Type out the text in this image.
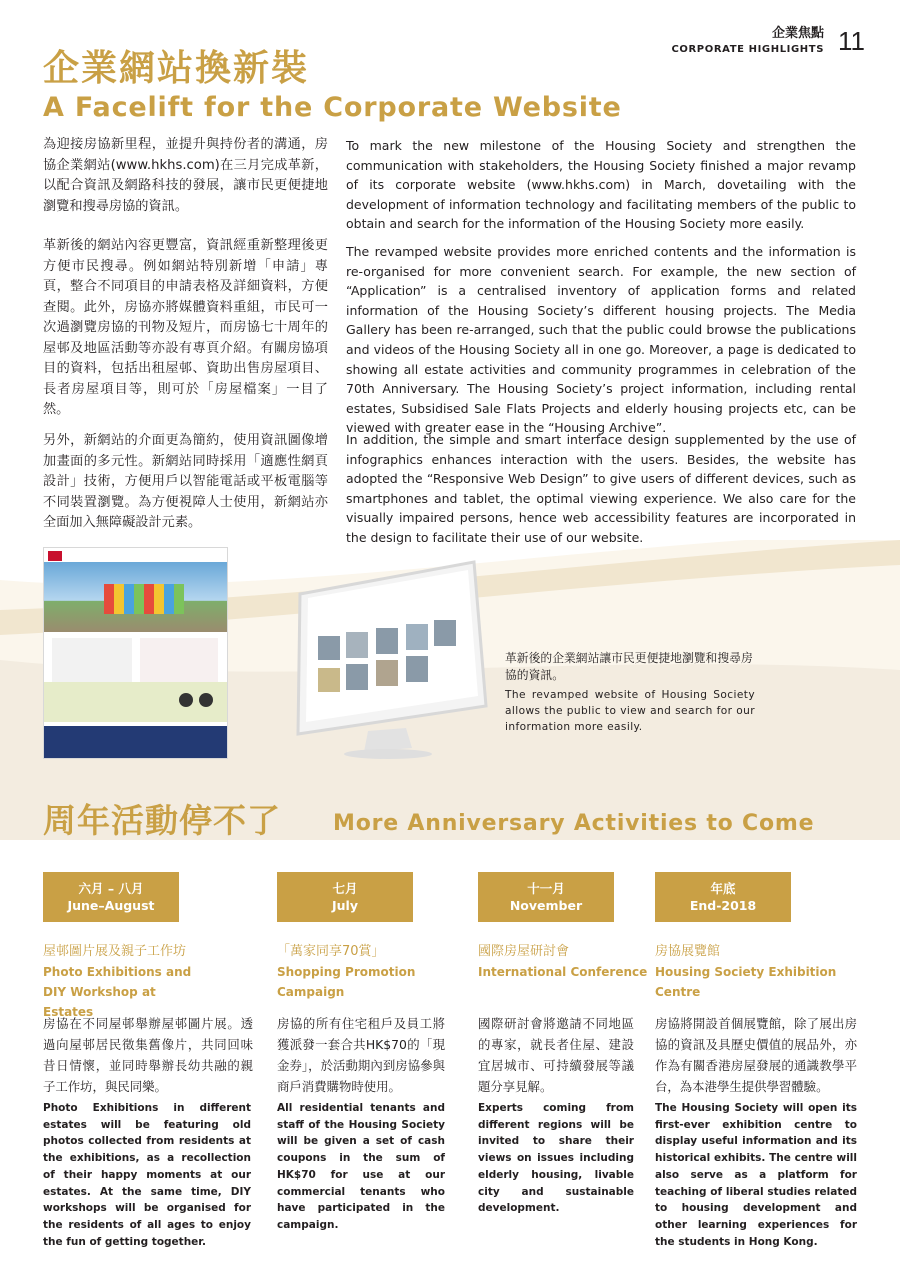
企業焦點
CORPORATE HIGHLIGHTS 11
企業網站換新裝
A Facelift for the Corporate Website

為迎接房協新里程，並提升與持份者的溝通，房協企業網站(www.hkhs.com)在三月完成革新，以配合資訊及網路科技的發展，讓市民更便捷地瀏覽和搜尋房協的資訊。

革新後的網站內容更豐富，資訊經重新整理後更方便市民搜尋。例如網站特別新增「申請」專頁，整合不同項目的申請表格及詳細資料，方便查閱。此外，房協亦將媒體資料重組，市民可一次過瀏覽房協的刊物及短片，而房協七十周年的屋邨及地區活動等亦設有專頁介紹。有關房協項目的資料，包括出租屋邨、資助出售房屋項目、長者房屋項目等，則可於「房屋檔案」一目了然。

另外，新網站的介面更為簡約，使用資訊圖像增加畫面的多元性。新網站同時採用「適應性網頁設計」技術，方便用戶以智能電話或平板電腦等不同裝置瀏覽。為方便視障人士使用，新網站亦全面加入無障礙設計元素。

To mark the new milestone of the Housing Society and strengthen the communication with stakeholders, the Housing Society finished a major revamp of its corporate website (www.hkhs.com) in March, dovetailing with the development of information technology and facilitating members of the public to obtain and search for the information of the Housing Society more easily.

The revamped website provides more enriched contents and the information is re-organised for more convenient search. For example, the new section of “Application” is a centralised inventory of application forms and related information of the Housing Society’s different housing projects. The Media Gallery has been re-arranged, such that the public could browse the publications and videos of the Housing Society all in one go. Moreover, a page is dedicated to showing all estate activities and community programmes in celebration of the 70th Anniversary. The Housing Society’s project information, including rental estates, Subsidised Sale Flats Projects and elderly housing projects etc, can be viewed with greater ease in the “Housing Archive”.

In addition, the simple and smart interface design supplemented by the use of infographics enhances interaction with the users. Besides, the website has adopted the “Responsive Web Design” to give users of different devices, such as smartphones and tablet, the optimal viewing experience. We also care for the visually impaired persons, hence web accessibility features are incorporated in the design to facilitate their use of our website.

革新後的企業網站讓市民更便捷地瀏覽和搜尋房協的資訊。
The revamped website of Housing Society allows the public to view and search for our information more easily.
周年活動停不了 More Anniversary Activities to Come
六月 – 八月
June–August
屋邨圖片展及親子工作坊
Photo Exhibitions and DIY Workshop at Estates
房協在不同屋邨舉辦屋邨圖片展。透過向屋邨居民徵集舊像片，共同回味昔日情懷，並同時舉辦長幼共融的親子工作坊，與民同樂。
Photo Exhibitions in different estates will be featuring old photos collected from residents at the exhibitions, as a recollection of their happy moments at our estates. At the same time, DIY workshops will be organised for the residents of all ages to enjoy the fun of getting together.
七月
July
「萬家同享70賞」
Shopping Promotion Campaign
房協的所有住宅租戶及員工將獲派發一套合共HK$70的「現金券」，於活動期內到房協參與商戶消費購物時使用。
All residential tenants and staff of the Housing Society will be given a set of cash coupons in the sum of HK$70 for use at our commercial tenants who have participated in the campaign.
十一月
November
國際房屋研討會
International Conference
國際研討會將邀請不同地區的專家，就長者住屋、建設宜居城市、可持續發展等議題分享見解。
Experts coming from different regions will be invited to share their views on issues including elderly housing, livable city and sustainable development.
年底
End-2018
房協展覽館
Housing Society Exhibition Centre
房協將開設首個展覽館，除了展出房協的資訊及具歷史價值的展品外，亦作為有關香港房屋發展的通識教學平台，為本港學生提供學習體驗。
The Housing Society will open its first-ever exhibition centre to display useful information and its historical exhibits. The centre will also serve as a platform for teaching of liberal studies related to housing development and other learning experiences for the students in Hong Kong.
